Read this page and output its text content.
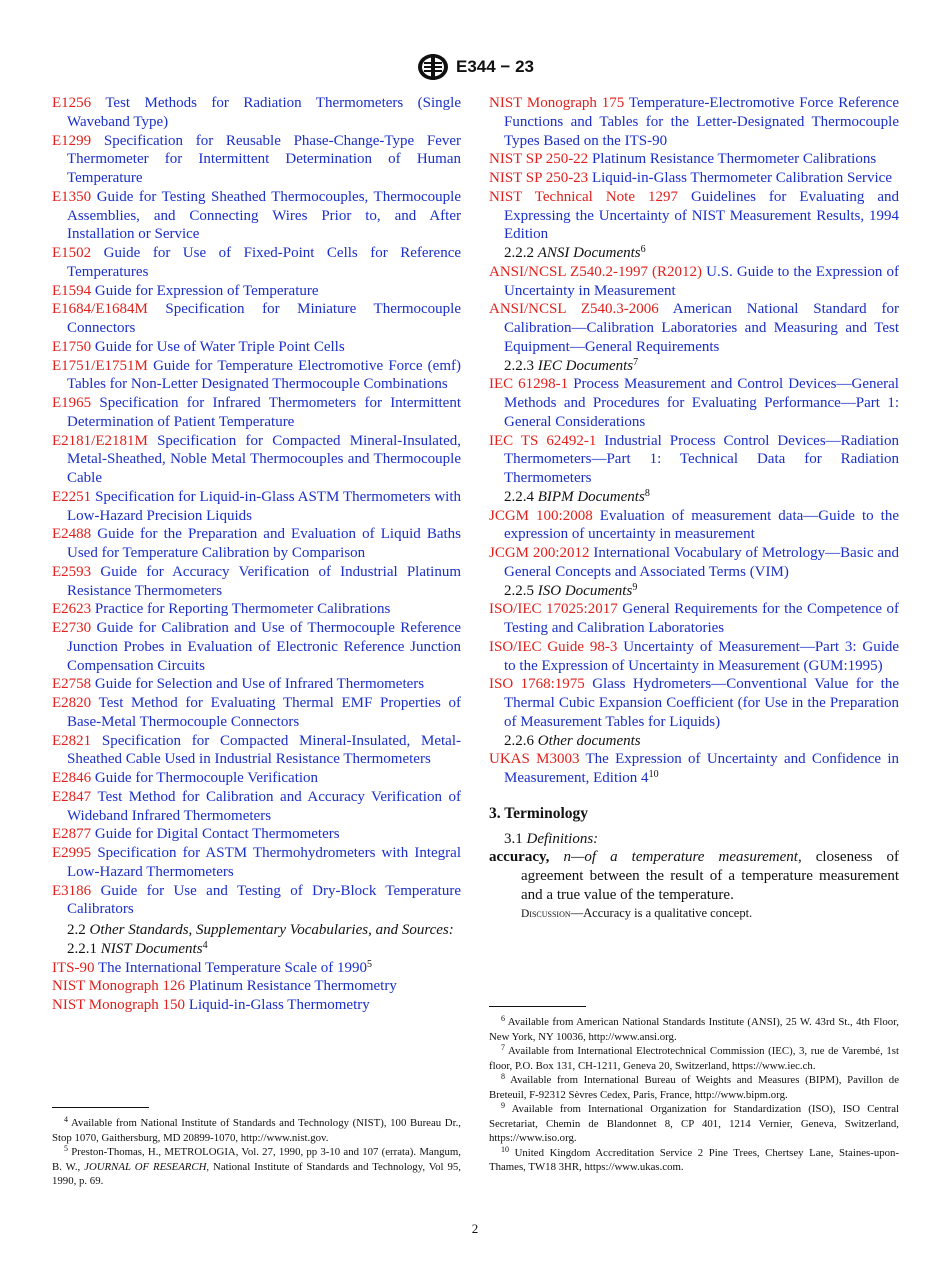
E344 − 23
E1256 Test Methods for Radiation Thermometers (Single Waveband Type)
E1299 Specification for Reusable Phase-Change-Type Fever Thermometer for Intermittent Determination of Human Temperature
E1350 Guide for Testing Sheathed Thermocouples, Thermocouple Assemblies, and Connecting Wires Prior to, and After Installation or Service
E1502 Guide for Use of Fixed-Point Cells for Reference Temperatures
E1594 Guide for Expression of Temperature
E1684/E1684M Specification for Miniature Thermocouple Connectors
E1750 Guide for Use of Water Triple Point Cells
E1751/E1751M Guide for Temperature Electromotive Force (emf) Tables for Non-Letter Designated Thermocouple Combinations
E1965 Specification for Infrared Thermometers for Intermittent Determination of Patient Temperature
E2181/E2181M Specification for Compacted Mineral-Insulated, Metal-Sheathed, Noble Metal Thermocouples and Thermocouple Cable
E2251 Specification for Liquid-in-Glass ASTM Thermometers with Low-Hazard Precision Liquids
E2488 Guide for the Preparation and Evaluation of Liquid Baths Used for Temperature Calibration by Comparison
E2593 Guide for Accuracy Verification of Industrial Platinum Resistance Thermometers
E2623 Practice for Reporting Thermometer Calibrations
E2730 Guide for Calibration and Use of Thermocouple Reference Junction Probes in Evaluation of Electronic Reference Junction Compensation Circuits
E2758 Guide for Selection and Use of Infrared Thermometers
E2820 Test Method for Evaluating Thermal EMF Properties of Base-Metal Thermocouple Connectors
E2821 Specification for Compacted Mineral-Insulated, Metal-Sheathed Cable Used in Industrial Resistance Thermometers
E2846 Guide for Thermocouple Verification
E2847 Test Method for Calibration and Accuracy Verification of Wideband Infrared Thermometers
E2877 Guide for Digital Contact Thermometers
E2995 Specification for ASTM Thermohydrometers with Integral Low-Hazard Thermometers
E3186 Guide for Use and Testing of Dry-Block Temperature Calibrators
2.2 Other Standards, Supplementary Vocabularies, and Sources:
2.2.1 NIST Documents$^4$
ITS-90 The International Temperature Scale of 1990$^5$
NIST Monograph 126 Platinum Resistance Thermometry
NIST Monograph 150 Liquid-in-Glass Thermometry
NIST Monograph 175 Temperature-Electromotive Force Reference Functions and Tables for the Letter-Designated Thermocouple Types Based on the ITS-90
NIST SP 250-22 Platinum Resistance Thermometer Calibrations
NIST SP 250-23 Liquid-in-Glass Thermometer Calibration Service
NIST Technical Note 1297 Guidelines for Evaluating and Expressing the Uncertainty of NIST Measurement Results, 1994 Edition
2.2.2 ANSI Documents$^6$
ANSI/NCSL Z540.2-1997 (R2012) U.S. Guide to the Expression of Uncertainty in Measurement
ANSI/NCSL Z540.3-2006 American National Standard for Calibration—Calibration Laboratories and Measuring and Test Equipment—General Requirements
2.2.3 IEC Documents$^7$
IEC 61298-1 Process Measurement and Control Devices—General Methods and Procedures for Evaluating Performance—Part 1: General Considerations
IEC TS 62492-1 Industrial Process Control Devices—Radiation Thermometers—Part 1: Technical Data for Radiation Thermometers
2.2.4 BIPM Documents$^8$
JCGM 100:2008 Evaluation of measurement data—Guide to the expression of uncertainty in measurement
JCGM 200:2012 International Vocabulary of Metrology—Basic and General Concepts and Associated Terms (VIM)
2.2.5 ISO Documents$^9$
ISO/IEC 17025:2017 General Requirements for the Competence of Testing and Calibration Laboratories
ISO/IEC Guide 98-3 Uncertainty of Measurement—Part 3: Guide to the Expression of Uncertainty in Measurement (GUM:1995)
ISO 1768:1975 Glass Hydrometers—Conventional Value for the Thermal Cubic Expansion Coefficient (for Use in the Preparation of Measurement Tables for Liquids)
2.2.6 Other documents
UKAS M3003 The Expression of Uncertainty and Confidence in Measurement, Edition $4^{10}$
3. Terminology
3.1 Definitions:
accuracy, n—of a temperature measurement, closeness of agreement between the result of a temperature measurement and a true value of the temperature.
Discussion—Accuracy is a qualitative concept.
$^4$ Available from National Institute of Standards and Technology (NIST), 100 Bureau Dr., Stop 1070, Gaithersburg, MD 20899-1070, http://www.nist.gov.
$^5$ Preston-Thomas, H., METROLOGIA, Vol. 27, 1990, pp 3-10 and 107 (errata). Mangum, B. W., JOURNAL OF RESEARCH, National Institute of Standards and Technology, Vol 95, 1990, p. 69.
$^6$ Available from American National Standards Institute (ANSI), 25 W. 43rd St., 4th Floor, New York, NY 10036, http://www.ansi.org.
$^7$ Available from International Electrotechnical Commission (IEC), 3, rue de Varembé, 1st floor, P.O. Box 131, CH-1211, Geneva 20, Switzerland, https://www.iec.ch.
$^8$ Available from International Bureau of Weights and Measures (BIPM), Pavillon de Breteuil, F-92312 Sèvres Cedex, Paris, France, http://www.bipm.org.
$^9$ Available from International Organization for Standardization (ISO), ISO Central Secretariat, Chemin de Blandonnet 8, CP 401, 1214 Vernier, Geneva, Switzerland, https://www.iso.org.
$^{10}$ United Kingdom Accreditation Service 2 Pine Trees, Chertsey Lane, Staines-upon-Thames, TW18 3HR, https://www.ukas.com.
2
